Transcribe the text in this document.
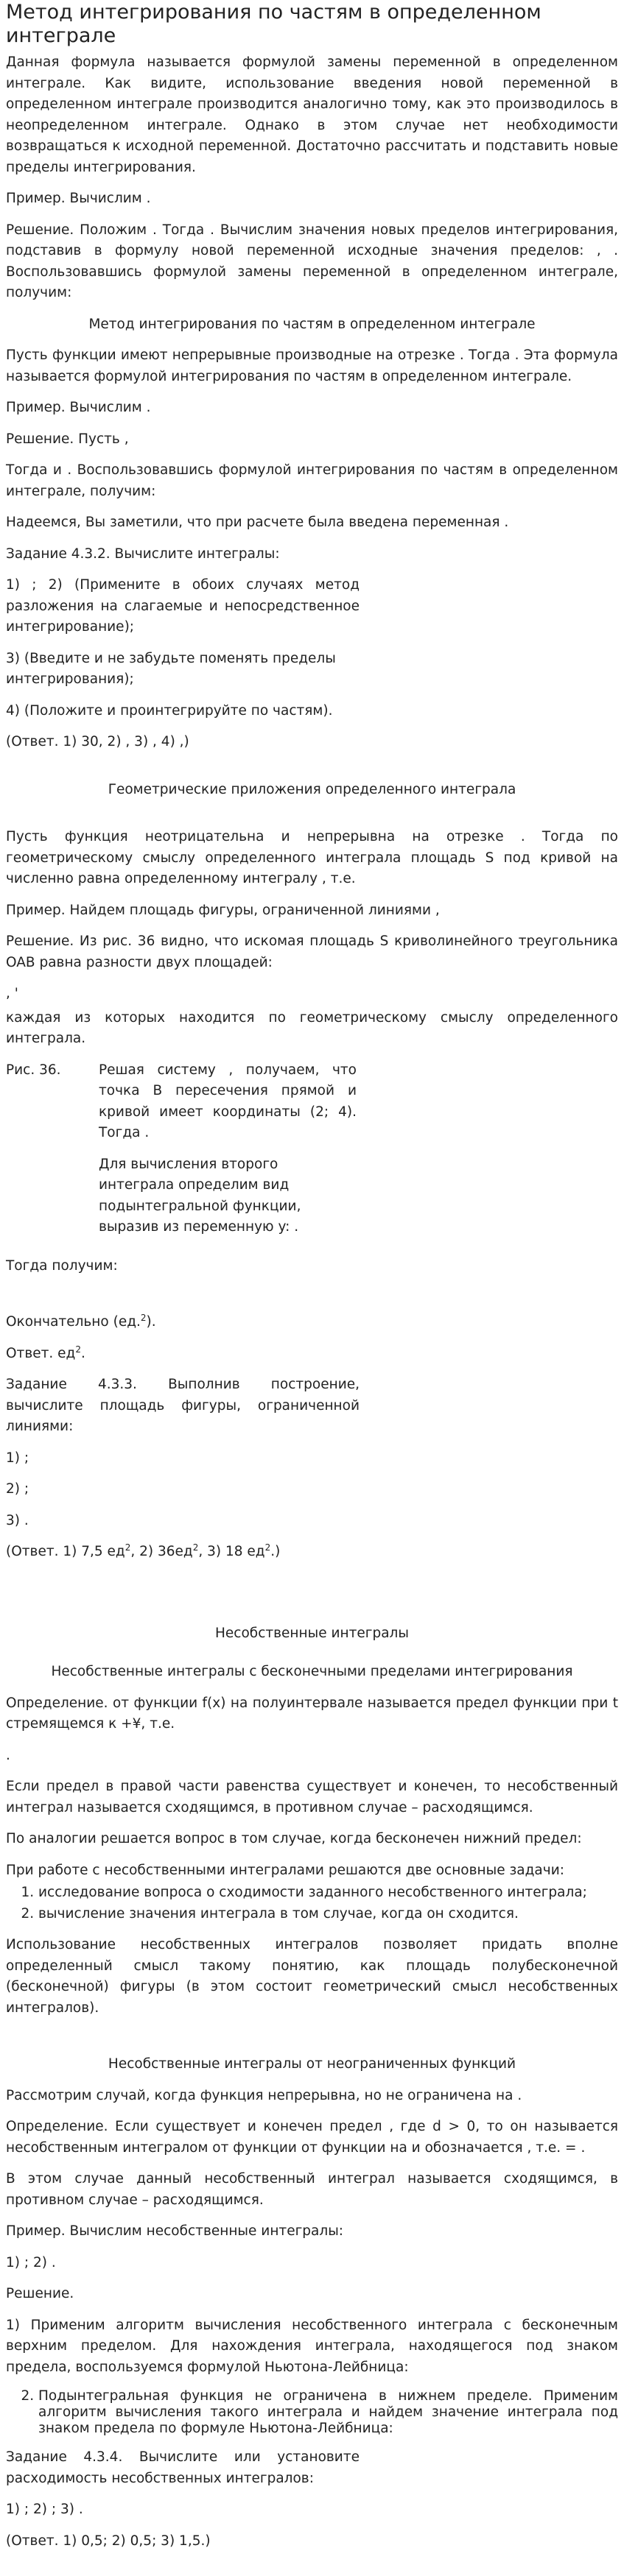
Метод интегрирования по частям в определенном интеграле

Данная формула называется формулой замены переменной в определенном интеграле. Как видите, использование введения новой переменной в определенном интеграле производится аналогично тому, как это производилось в неопределенном интеграле. Однако в этом случае нет необходимости возвращаться к исходной переменной. Достаточно рассчитать и подставить новые пределы интегрирования.

Пример. Вычислим .

Решение. Положим . Тогда . Вычислим значения новых пределов интегрирования, подставив в формулу новой переменной исходные значения пределов: , . Воспользовавшись формулой замены переменной в определенном интеграле, получим:

Метод интегрирования по частям в определенном интеграле

Пусть функции имеют непрерывные производные на отрезке . Тогда . Эта формула называется формулой интегрирования по частям в определенном интеграле.

Пример. Вычислим .

Решение. Пусть ,

Тогда и . Воспользовавшись формулой интегрирования по частям в определенном интеграле, получим:

Надеемся, Вы заметили, что при расчете была введена переменная .

Задание 4.3.2. Вычислите интегралы:

1) ; 2) (Примените в обоих случаях метод разложения на слагаемые и непосредственное интегрирование);

3) (Введите и не забудьте поменять пределы интегрирования);

4) (Положите и проинтегрируйте по частям).

(Ответ. 1) 30, 2) , 3) , 4) ,)

Геометрические приложения определенного интеграла

Пусть функция неотрицательна и непрерывна на отрезке . Тогда по геометрическому смыслу определенного интеграла площадь S под кривой на численно равна определенному интегралу , т.е.

Пример. Найдем площадь фигуры, ограниченной линиями ,

Решение. Из рис. 36 видно, что искомая площадь S криволинейного треугольника OAB равна разности двух площадей:

, '

каждая из которых находится по геометрическому смыслу определенного интеграла.

Рис. 36.	Решая систему , получаем, что точка В пересечения прямой и кривой имеет координаты (2; 4). Тогда .

Для вычисления второго интеграла определим вид подынтегральной функции, выразив из переменную y: .

Тогда получим:

Окончательно (ед.$^2$).

Ответ. $ед^2$.

Задание 4.3.3. Выполнив построение, вычислите площадь фигуры, ограниченной линиями:

1) ;

2) ;

3) .

(Ответ. 1) 7,5 $ед^2$, 2) $36ед^2$, 3) 18 $ед^2$.)

Несобственные интегралы

Несобственные интегралы с бесконечными пределами интегрирования

Определение. от функции f(x) на полуинтервале называется предел функции при t стремящемся к +¥, т.е.

.

Если предел в правой части равенства существует и конечен, то несобственный интеграл называется сходящимся, в противном случае – расходящимся.

По аналогии решается вопрос в том случае, когда бесконечен нижний предел:

При работе с несобственными интегралами решаются две основные задачи:

1. исследование вопроса о сходимости заданного несобственного интеграла;
2. вычисление значения интеграла в том случае, когда он сходится.

Использование несобственных интегралов позволяет придать вполне определенный смысл такому понятию, как площадь полубесконечной (бесконечной) фигуры (в этом состоит геометрический смысл несобственных интегралов).

Несобственные интегралы от неограниченных функций

Рассмотрим случай, когда функция непрерывна, но не ограничена на .

Определение. Если существует и конечен предел , где d > 0, то он называется несобственным интегралом от функции от функции на и обозначается , т.е. = .

В этом случае данный несобственный интеграл называется сходящимся, в противном случае – расходящимся.

Пример. Вычислим несобственные интегралы:

1) ; 2) .

Решение.

1) Применим алгоритм вычисления несобственного интеграла с бесконечным верхним пределом. Для нахождения интеграла, находящегося под знаком предела, воспользуемся формулой Ньютона-Лейбница:

2. Подынтегральная функция не ограничена в нижнем пределе. Применим алгоритм вычисления такого интеграла и найдем значение интеграла под знаком предела по формуле Ньютона-Лейбница:

Задание 4.3.4. Вычислите или установите расходимость несобственных интегралов:

1) ; 2) ; 3) .

(Ответ. 1) 0,5; 2) 0,5; 3) 1,5.)
